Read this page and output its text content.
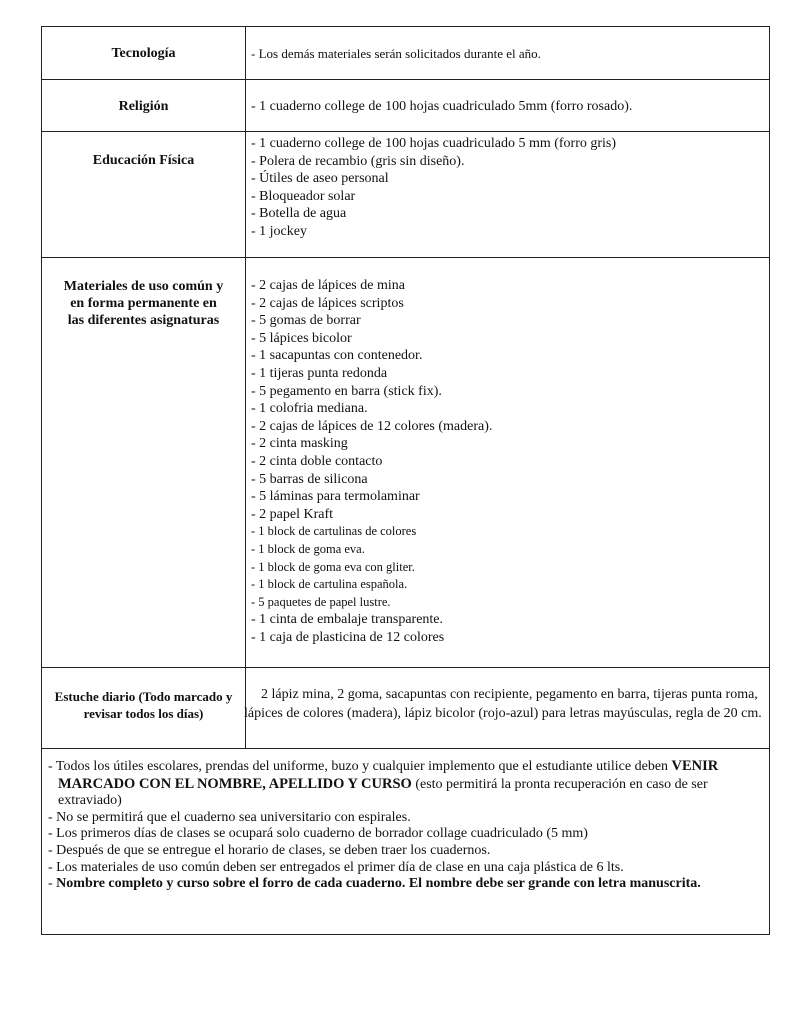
Tecnología	- Los demás materiales serán solicitados durante el año.
Religión	- 1 cuaderno college de 100 hojas cuadriculado 5mm (forro rosado).
Educación Física
- 1 cuaderno college de 100 hojas cuadriculado 5 mm (forro gris)
- Polera de recambio (gris sin diseño).
- Útiles de aseo personal
- Bloqueador solar
- Botella de agua
- 1 jockey
Materiales de uso común y
en forma permanente en
las diferentes asignaturas
- 2 cajas de lápices de mina
- 2 cajas de lápices scriptos
- 5 gomas de borrar
- 5 lápices bicolor
- 1 sacapuntas con contenedor.
- 1 tijeras punta redonda
- 5 pegamento en barra (stick fix).
- 1 colofria mediana.
- 2 cajas de lápices de 12 colores (madera).
- 2 cinta masking
- 2 cinta doble contacto
- 5 barras de silicona
- 5 láminas para termolaminar
- 2 papel Kraft
- 1 block de cartulinas de colores
- 1 block de goma eva.
- 1 block de goma eva con gliter.
- 1 block de cartulina española.
- 5 paquetes de papel lustre.
- 1 cinta de embalaje transparente.
- 1 caja de plasticina de 12 colores
Estuche diario (Todo marcado y
revisar todos los días)
2 lápiz mina, 2 goma, sacapuntas con recipiente, pegamento en barra, tijeras punta roma, lápices de colores (madera), lápiz bicolor (rojo-azul) para letras mayúsculas, regla de 20 cm.
- Todos los útiles escolares, prendas del uniforme, buzo y cualquier implemento que el estudiante utilice deben VENIR MARCADO CON EL NOMBRE, APELLIDO Y CURSO (esto permitirá la pronta recuperación en caso de ser extraviado)
- No se permitirá que el cuaderno sea universitario con espirales.
- Los primeros días de clases se ocupará solo cuaderno de borrador collage cuadriculado (5 mm)
- Después de que se entregue el horario de clases, se deben traer los cuadernos.
- Los materiales de uso común deben ser entregados el primer día de clase en una caja plástica de 6 lts.
- Nombre completo y curso sobre el forro de cada cuaderno. El nombre debe ser grande con letra manuscrita.
